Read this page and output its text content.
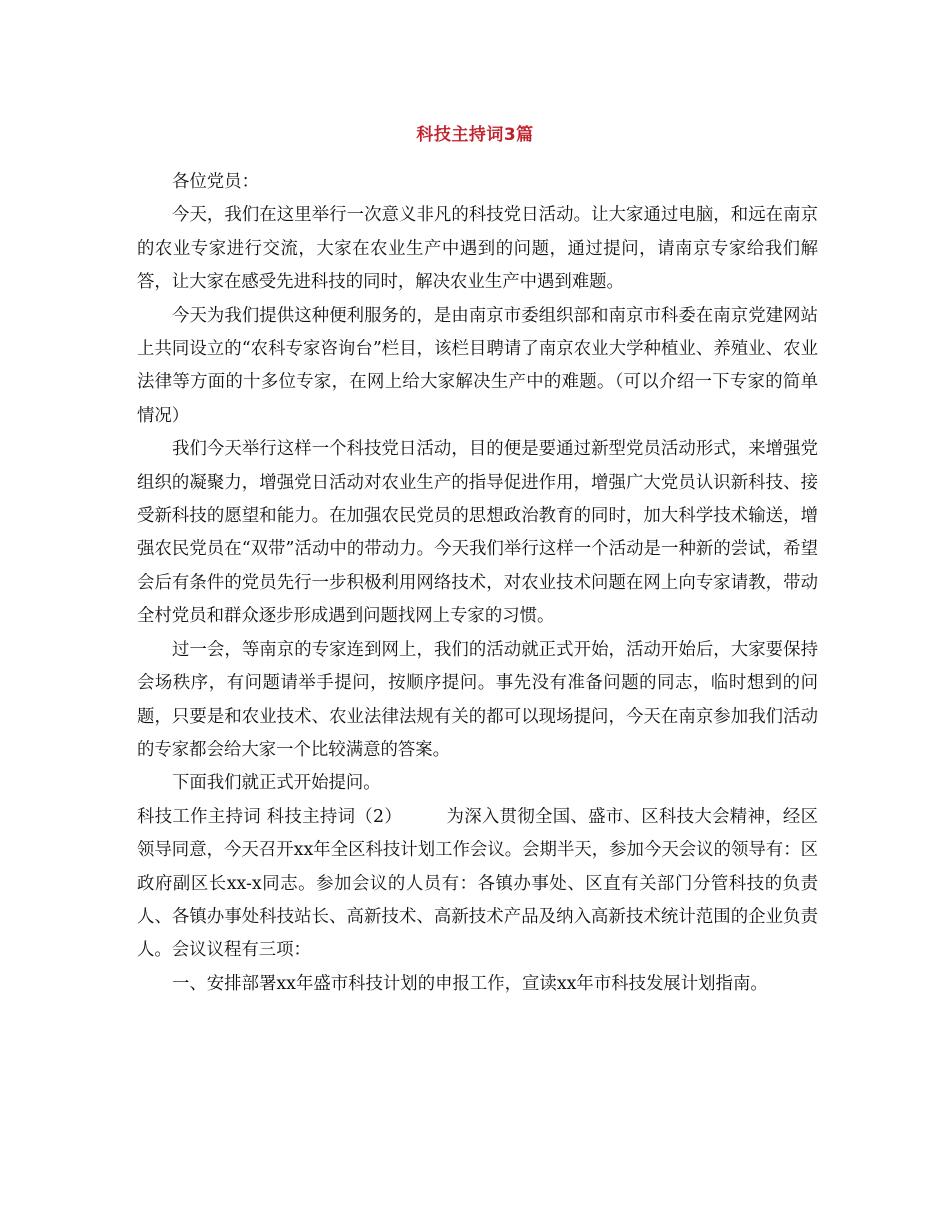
科技主持词3篇

各位党员：

今天，我们在这里举行一次意义非凡的科技党日活动。让大家通过电脑，和远在南京的农业专家进行交流，大家在农业生产中遇到的问题，通过提问，请南京专家给我们解答，让大家在感受先进科技的同时，解决农业生产中遇到难题。

今天为我们提供这种便利服务的，是由南京市委组织部和南京市科委在南京党建网站上共同设立的“农科专家咨询台”栏目，该栏目聘请了南京农业大学种植业、养殖业、农业法律等方面的十多位专家，在网上给大家解决生产中的难题。（可以介绍一下专家的简单情况）

我们今天举行这样一个科技党日活动，目的便是要通过新型党员活动形式，来增强党组织的凝聚力，增强党日活动对农业生产的指导促进作用，增强广大党员认识新科技、接受新科技的愿望和能力。在加强农民党员的思想政治教育的同时，加大科学技术输送，增强农民党员在“双带”活动中的带动力。今天我们举行这样一个活动是一种新的尝试，希望会后有条件的党员先行一步积极利用网络技术，对农业技术问题在网上向专家请教，带动全村党员和群众逐步形成遇到问题找网上专家的习惯。

过一会，等南京的专家连到网上，我们的活动就正式开始，活动开始后，大家要保持会场秩序，有问题请举手提问，按顺序提问。事先没有准备问题的同志，临时想到的问题，只要是和农业技术、农业法律法规有关的都可以现场提问，今天在南京参加我们活动的专家都会给大家一个比较满意的答案。

下面我们就正式开始提问。

科技工作主持词 科技主持词（2）　　　为深入贯彻全国、盛市、区科技大会精神，经区领导同意，今天召开xx年全区科技计划工作会议。会期半天，参加今天会议的领导有：区政府副区长xx-x同志。参加会议的人员有：各镇办事处、区直有关部门分管科技的负责人、各镇办事处科技站长、高新技术、高新技术产品及纳入高新技术统计范围的企业负责人。会议议程有三项：

一、安排部署xx年盛市科技计划的申报工作，宣读xx年市科技发展计划指南。
